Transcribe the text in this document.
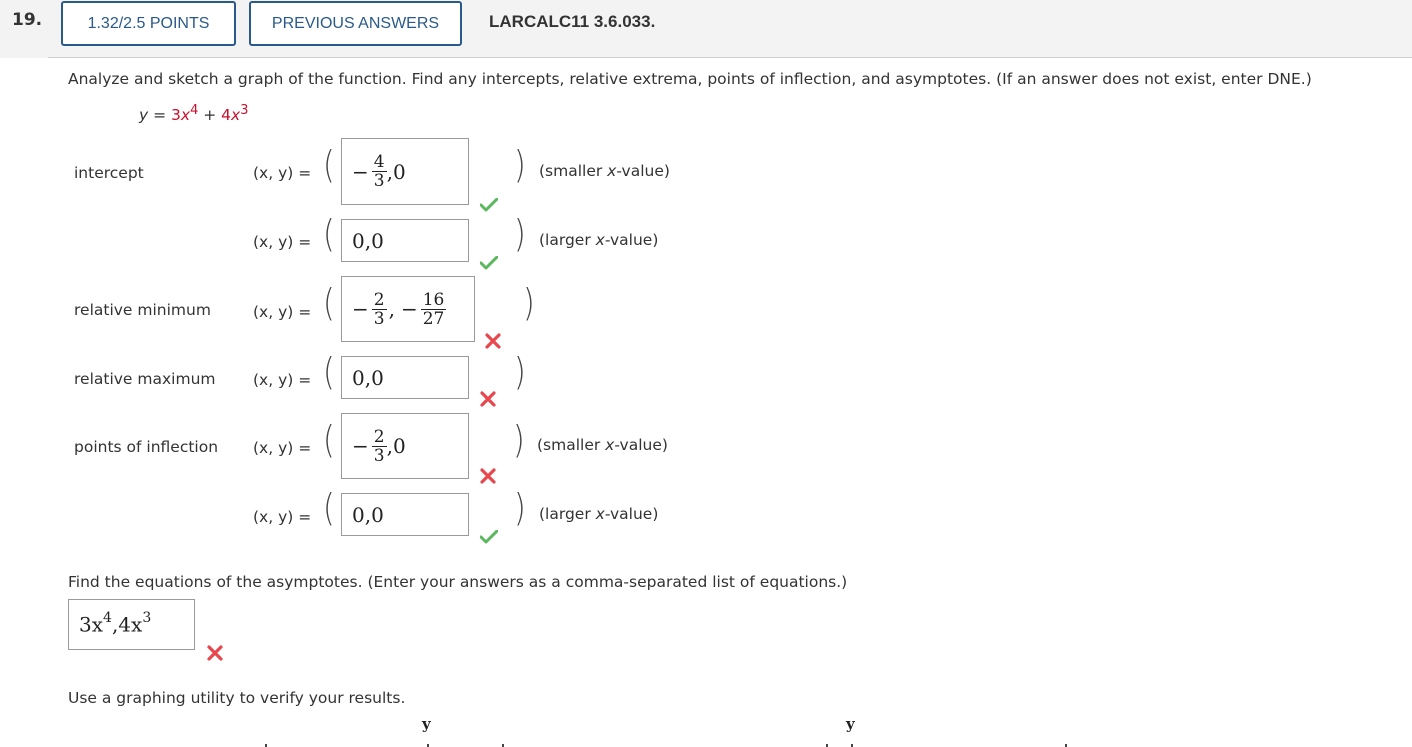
19.	1.32/2.5 POINTS	PREVIOUS ANSWERS	LARCALC11 3.6.033.
Analyze and sketch a graph of the function. Find any intercepts, relative extrema, points of inflection, and asymptotes. (If an answer does not exist, enter DNE.)
$y = 3x^4 + 4x^3$
intercept	(x, y) = ( − $\frac{4}{3} ,0$	) (smaller x-value)
(x, y) = ( 0,0	) (larger x-value)
relative minimum	(x, y) = ( − $\frac{2}{3}$ , − $\frac{16}{27}$	)
relative maximum (x, y) = ( 0,0	)
points of inflection (x, y) = ( − $\frac{2}{3} ,0$	) (smaller x-value)
(x, y) = ( 0,0	) (larger x-value)
Find the equations of the asymptotes. (Enter your answers as a comma-separated list of equations.)
$3x^4,4x^3$
Use a graphing utility to verify your results.
y	y
